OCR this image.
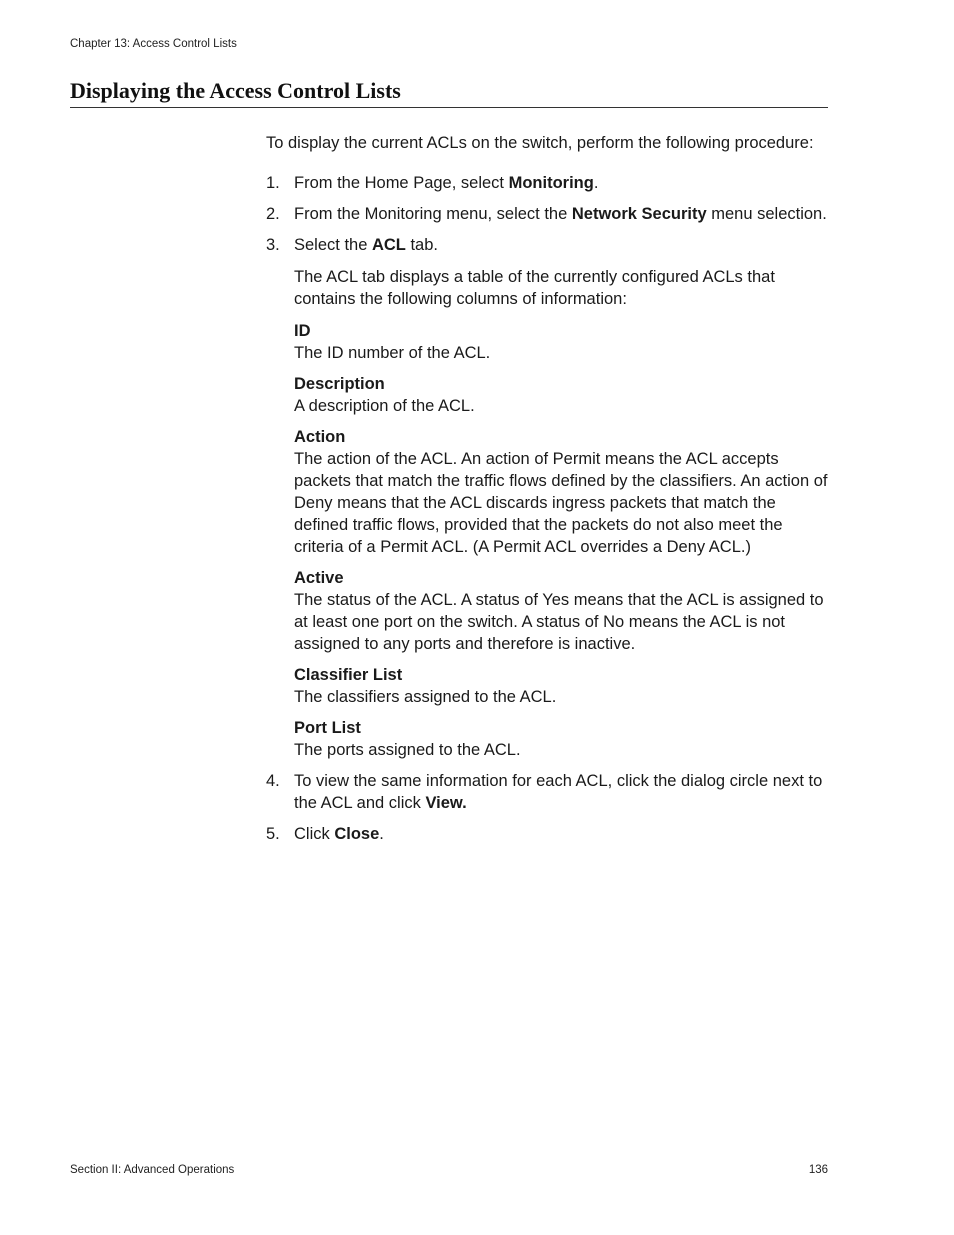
Chapter 13: Access Control Lists
Displaying the Access Control Lists

To display the current ACLs on the switch, perform the following procedure:

1. From the Home Page, select Monitoring.
2. From the Monitoring menu, select the Network Security menu selection.
3. Select the ACL tab.

The ACL tab displays a table of the currently configured ACLs that contains the following columns of information:

ID
The ID number of the ACL.
Description
A description of the ACL.
Action
The action of the ACL. An action of Permit means the ACL accepts packets that match the traffic flows defined by the classifiers. An action of Deny means that the ACL discards ingress packets that match the defined traffic flows, provided that the packets do not also meet the criteria of a Permit ACL. (A Permit ACL overrides a Deny ACL.)
Active
The status of the ACL. A status of Yes means that the ACL is assigned to at least one port on the switch. A status of No means the ACL is not assigned to any ports and therefore is inactive.
Classifier List
The classifiers assigned to the ACL.
Port List
The ports assigned to the ACL.
4. To view the same information for each ACL, click the dialog circle next to the ACL and click View.
5. Click Close.
Section II: Advanced Operations	136
